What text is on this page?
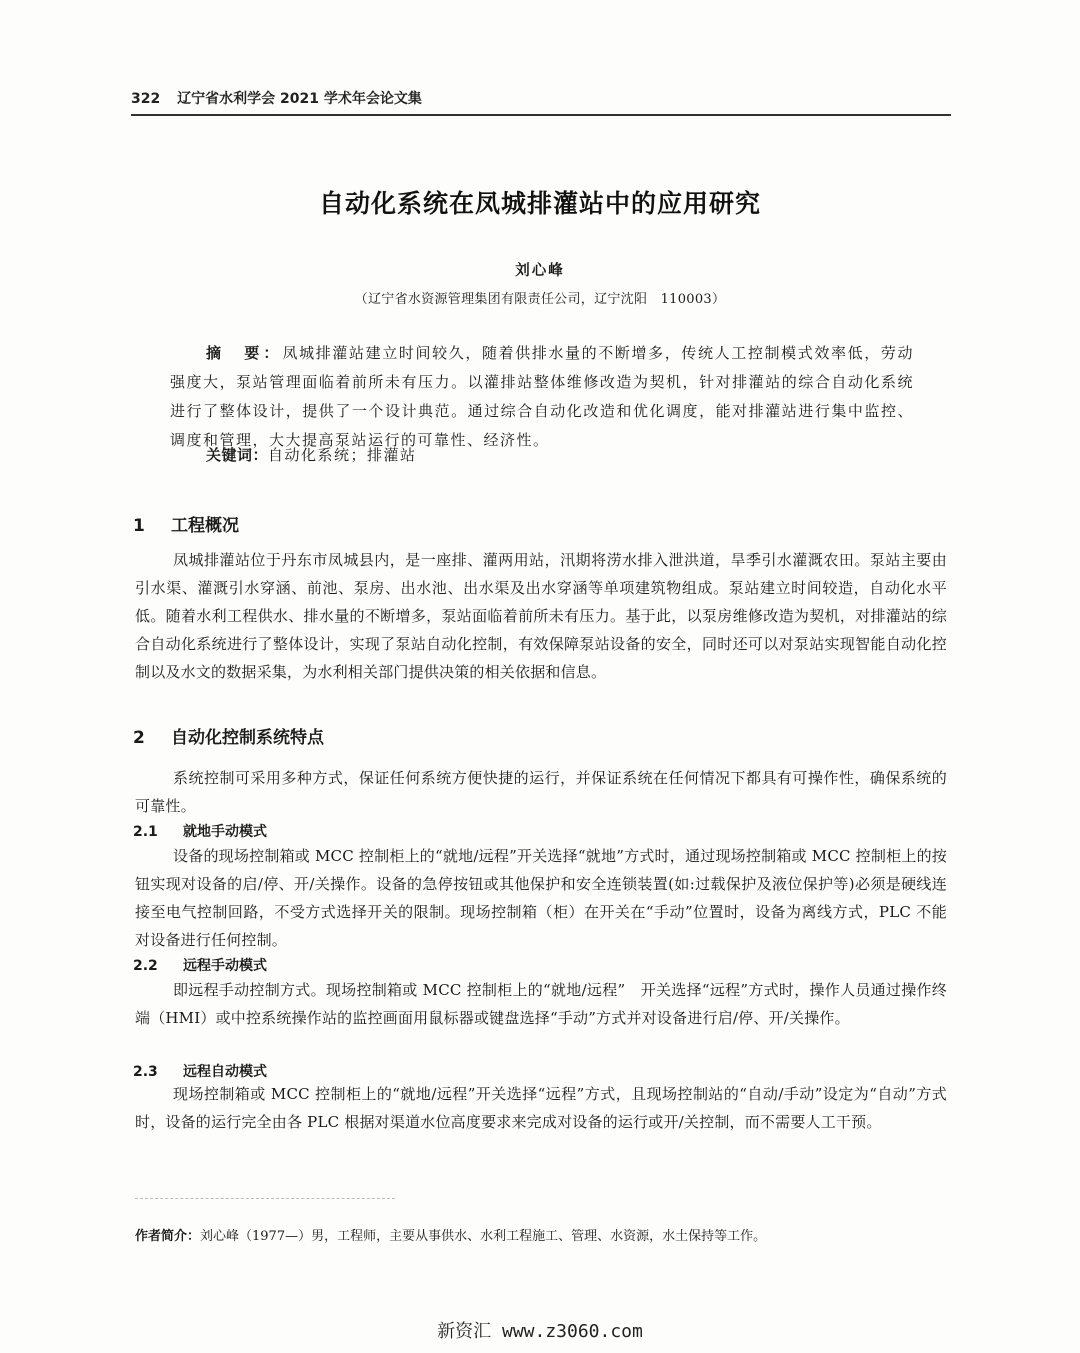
322 辽宁省水利学会 2021 学术年会论文集
自动化系统在凤城排灌站中的应用研究
刘心峰
（辽宁省水资源管理集团有限责任公司，辽宁沈阳　110003）
摘　要：凤城排灌站建立时间较久，随着供排水量的不断增多，传统人工控制模式效率低，劳动强度大，泵站管理面临着前所未有压力。以灌排站整体维修改造为契机，针对排灌站的综合自动化系统进行了整体设计，提供了一个设计典范。通过综合自动化改造和优化调度，能对排灌站进行集中监控、调度和管理，大大提高泵站运行的可靠性、经济性。
关键词：自动化系统；排灌站
1 工程概况
凤城排灌站位于丹东市凤城县内，是一座排、灌两用站，汛期将涝水排入泄洪道，旱季引水灌溉农田。泵站主要由引水渠、灌溉引水穿涵、前池、泵房、出水池、出水渠及出水穿涵等单项建筑物组成。泵站建立时间较造，自动化水平低。随着水利工程供水、排水量的不断增多，泵站面临着前所未有压力。基于此，以泵房维修改造为契机，对排灌站的综合自动化系统进行了整体设计，实现了泵站自动化控制，有效保障泵站设备的安全，同时还可以对泵站实现智能自动化控制以及水文的数据采集，为水利相关部门提供决策的相关依据和信息。
2 自动化控制系统特点
系统控制可采用多种方式，保证任何系统方便快捷的运行，并保证系统在任何情况下都具有可操作性，确保系统的可靠性。
2.1 就地手动模式
设备的现场控制箱或 MCC 控制柜上的“就地/远程”开关选择“就地”方式时，通过现场控制箱或 MCC 控制柜上的按钮实现对设备的启/停、开/关操作。设备的急停按钮或其他保护和安全连锁装置(如:过载保护及液位保护等)必须是硬线连接至电气控制回路，不受方式选择开关的限制。现场控制箱（柜）在开关在“手动”位置时，设备为离线方式，PLC 不能对设备进行任何控制。
2.2 远程手动模式
即远程手动控制方式。现场控制箱或 MCC 控制柜上的“就地/远程”　开关选择“远程”方式时，操作人员通过操作终端（HMI）或中控系统操作站的监控画面用鼠标器或键盘选择“手动”方式并对设备进行启/停、开/关操作。
2.3 远程自动模式
现场控制箱或 MCC 控制柜上的“就地/远程”开关选择“远程”方式，且现场控制站的“自动/手动”设定为“自动”方式时，设备的运行完全由各 PLC 根据对渠道水位高度要求来完成对设备的运行或开/关控制，而不需要人工干预。
作者简介：刘心峰（1977—）男，工程师，主要从事供水、水利工程施工、管理、水资源，水土保持等工作。
新资汇 www.z3060.com
